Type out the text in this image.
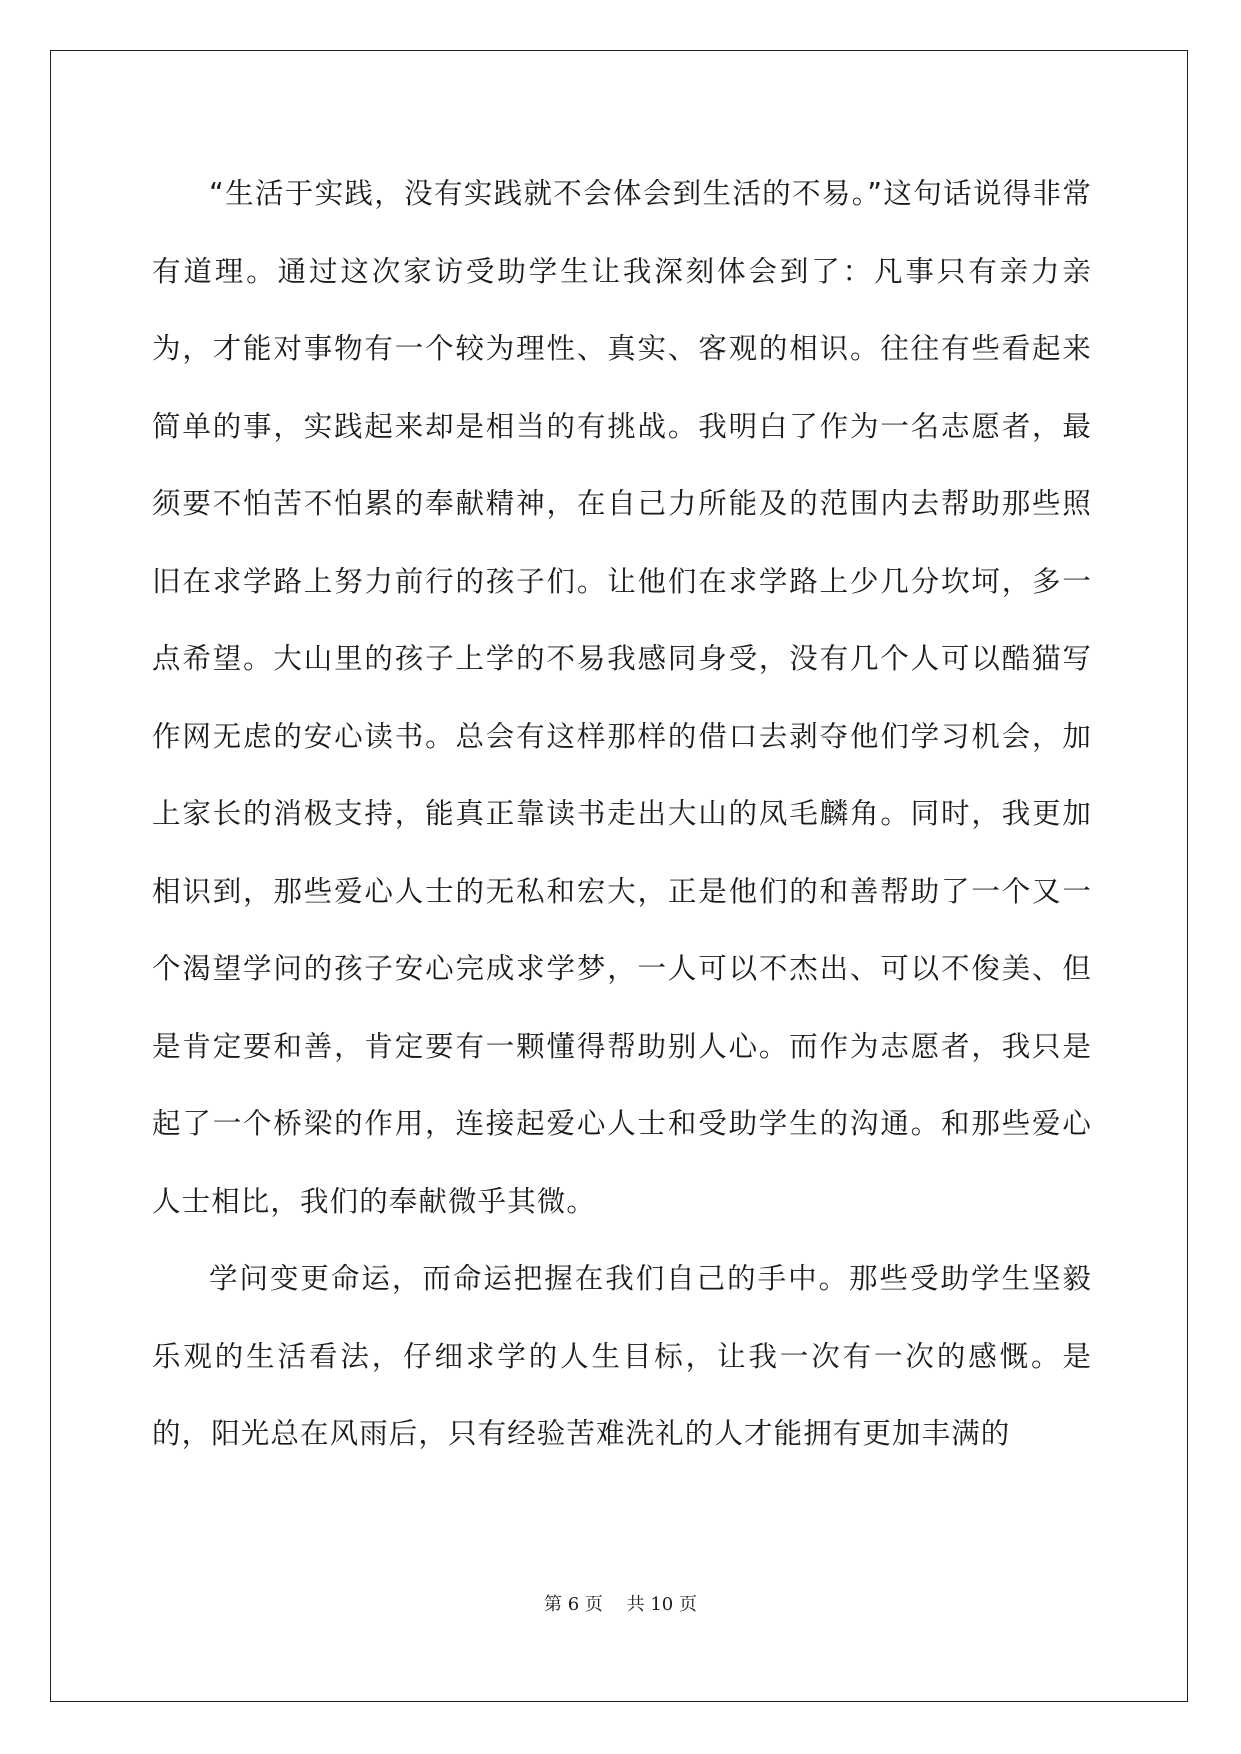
“生活于实践，没有实践就不会体会到生活的不易。”这句话说得非常有道理。通过这次家访受助学生让我深刻体会到了：凡事只有亲力亲为，才能对事物有一个较为理性、真实、客观的相识。往往有些看起来简单的事，实践起来却是相当的有挑战。我明白了作为一名志愿者，最须要不怕苦不怕累的奉献精神，在自己力所能及的范围内去帮助那些照旧在求学路上努力前行的孩子们。让他们在求学路上少几分坎坷，多一点希望。大山里的孩子上学的不易我感同身受，没有几个人可以酷猫写作网无虑的安心读书。总会有这样那样的借口去剥夺他们学习机会，加上家长的消极支持，能真正靠读书走出大山的凤毛麟角。同时，我更加相识到，那些爱心人士的无私和宏大，正是他们的和善帮助了一个又一个渴望学问的孩子安心完成求学梦，一人可以不杰出、可以不俊美、但是肯定要和善，肯定要有一颗懂得帮助别人心。而作为志愿者，我只是起了一个桥梁的作用，连接起爱心人士和受助学生的沟通。和那些爱心人士相比，我们的奉献微乎其微。

学问变更命运，而命运把握在我们自己的手中。那些受助学生坚毅乐观的生活看法，仔细求学的人生目标，让我一次有一次的感慨。是的，阳光总在风雨后，只有经验苦难洗礼的人才能拥有更加丰满的

第 6 页　 共 10 页
